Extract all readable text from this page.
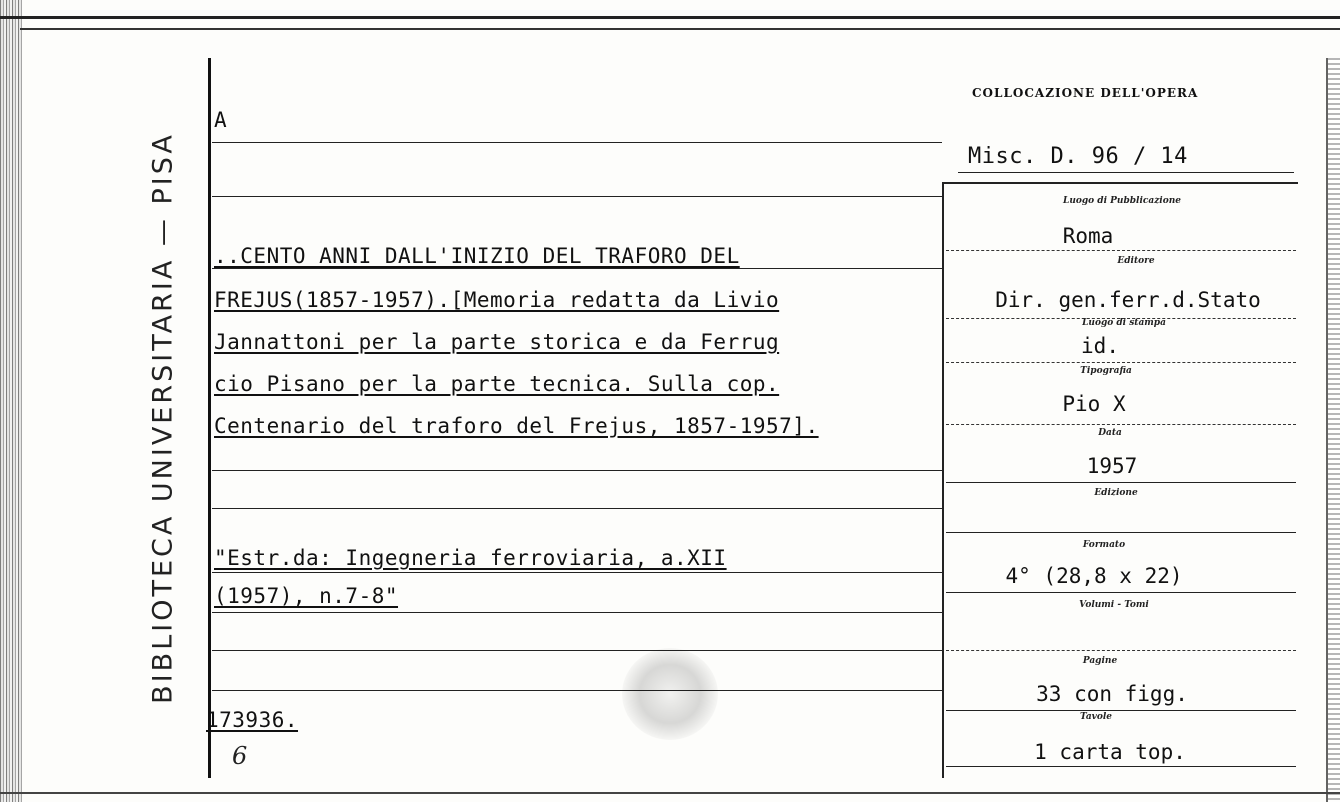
BIBLIOTECA UNIVERSITARIA — PISA
A
..CENTO ANNI DALL'INIZIO DEL TRAFORO DEL
FREJUS(1857-1957).[Memoria redatta da Livio
Jannattoni per la parte storica e da Ferrug
cio Pisano per la parte tecnica. Sulla cop.
Centenario del traforo del Frejus, 1857-1957].
"Estr.da: Ingegneria ferroviaria, a.XII
(1957), n.7-8"
173936.
6
COLLOCAZIONE DELL'OPERA
Misc. D. 96 / 14
Luogo di Pubblicazione
Roma
Editore
Dir. gen.ferr.d.Stato
Luogo di stampa
id.
Tipografia
Pio X
Data
1957
Edizione
Formato
4° (28,8 x 22)
Volumi - Tomi
Pagine
33 con figg.
Tavole
1 carta top.
